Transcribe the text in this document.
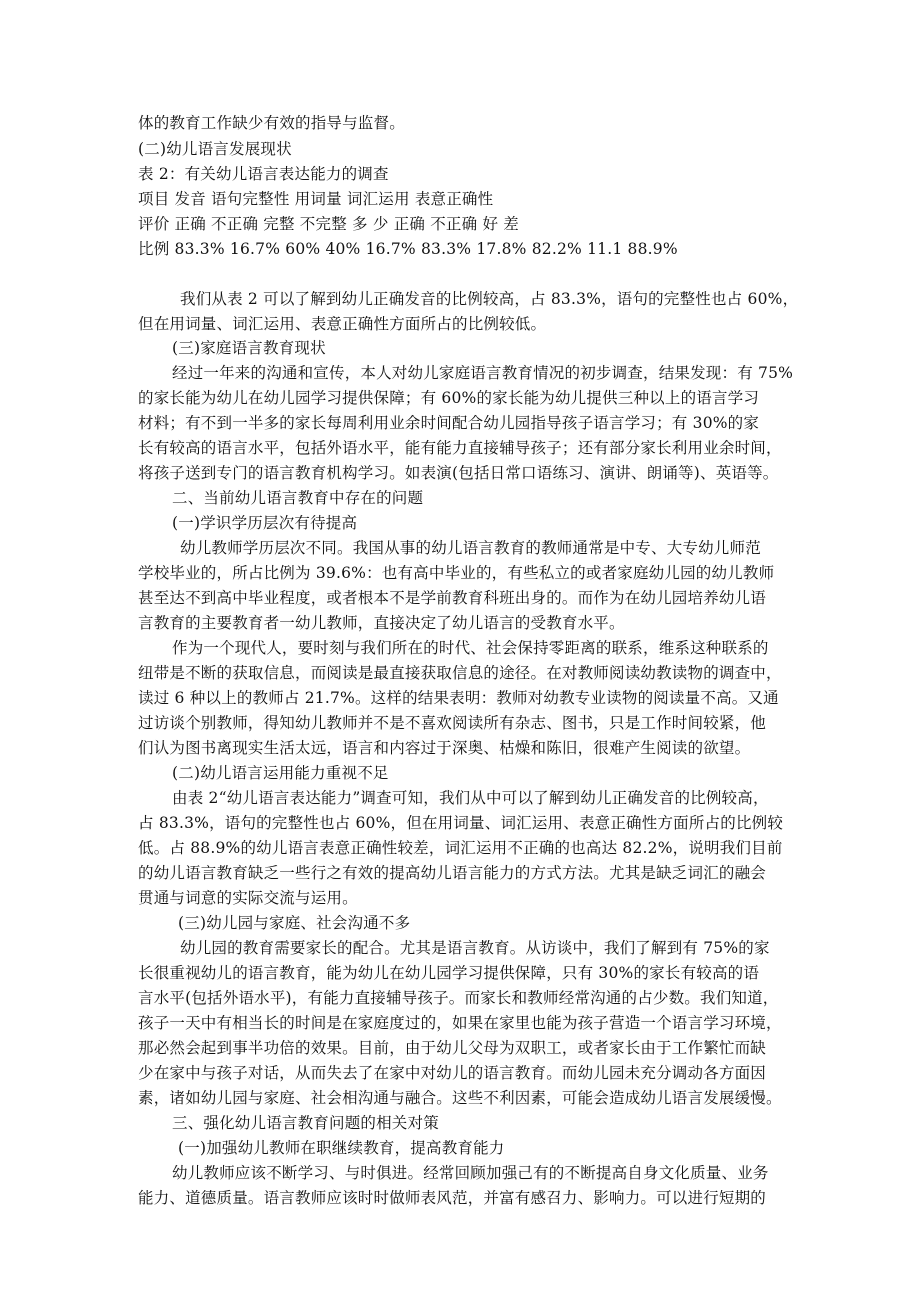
体的教育工作缺少有效的指导与监督。
(二)幼儿语言发展现状
表 2：有关幼儿语言表达能力的调查
项目 发音 语句完整性 用词量 词汇运用 表意正确性
评价 正确 不正确 完整 不完整 多 少 正确 不正确 好 差
比例 83.3% 16.7% 60% 40% 16.7% 83.3% 17.8% 82.2% 11.1 88.9%
我们从表 2 可以了解到幼儿正确发音的比例较高，占 83.3%，语句的完整性也占 60%，
但在用词量、词汇运用、表意正确性方面所占的比例较低。
(三)家庭语言教育现状
经过一年来的沟通和宣传，本人对幼儿家庭语言教育情况的初步调查，结果发现：有 75%
的家长能为幼儿在幼儿园学习提供保障；有 60%的家长能为幼儿提供三种以上的语言学习
材料；有不到一半多的家长每周利用业余时间配合幼儿园指导孩子语言学习；有 30%的家
长有较高的语言水平，包括外语水平，能有能力直接辅导孩子；还有部分家长利用业余时间，
将孩子送到专门的语言教育机构学习。如表演(包括日常口语练习、演讲、朗诵等)、英语等。
二、当前幼儿语言教育中存在的问题
(一)学识学历层次有待提高
幼儿教师学历层次不同。我国从事的幼儿语言教育的教师通常是中专、大专幼儿师范
学校毕业的，所占比例为 39.6%：也有高中毕业的，有些私立的或者家庭幼儿园的幼儿教师
甚至达不到高中毕业程度，或者根本不是学前教育科班出身的。而作为在幼儿园培养幼儿语
言教育的主要教育者一幼儿教师，直接决定了幼儿语言的受教育水平。
作为一个现代人，要时刻与我们所在的时代、社会保持零距离的联系，维系这种联系的
纽带是不断的获取信息，而阅读是最直接获取信息的途径。在对教师阅读幼教读物的调查中，
读过 6 种以上的教师占 21.7%。这样的结果表明：教师对幼教专业读物的阅读量不高。又通
过访谈个别教师，得知幼儿教师并不是不喜欢阅读所有杂志、图书，只是工作时间较紧，他
们认为图书离现实生活太远，语言和内容过于深奥、枯燥和陈旧，很难产生阅读的欲望。
(二)幼儿语言运用能力重视不足
由表 2“幼儿语言表达能力”调查可知，我们从中可以了解到幼儿正确发音的比例较高，
占 83.3%，语句的完整性也占 60%，但在用词量、词汇运用、表意正确性方面所占的比例较
低。占 88.9%的幼儿语言表意正确性较差，词汇运用不正确的也高达 82.2%，说明我们目前
的幼儿语言教育缺乏一些行之有效的提高幼儿语言能力的方式方法。尤其是缺乏词汇的融会
贯通与词意的实际交流与运用。
(三)幼儿园与家庭、社会沟通不多
幼儿园的教育需要家长的配合。尤其是语言教育。从访谈中，我们了解到有 75%的家
长很重视幼儿的语言教育，能为幼儿在幼儿园学习提供保障，只有 30%的家长有较高的语
言水平(包括外语水平)，有能力直接辅导孩子。而家长和教师经常沟通的占少数。我们知道，
孩子一天中有相当长的时间是在家庭度过的，如果在家里也能为孩子营造一个语言学习环境，
那必然会起到事半功倍的效果。目前，由于幼儿父母为双职工，或者家长由于工作繁忙而缺
少在家中与孩子对话，从而失去了在家中对幼儿的语言教育。而幼儿园未充分调动各方面因
素，诸如幼儿园与家庭、社会相沟通与融合。这些不利因素，可能会造成幼儿语言发展缓慢。
三、强化幼儿语言教育问题的相关对策
(一)加强幼儿教师在职继续教育，提高教育能力
幼儿教师应该不断学习、与时俱进。经常回顾加强己有的不断提高自身文化质量、业务
能力、道德质量。语言教师应该时时做师表风范，并富有感召力、影响力。可以进行短期的
